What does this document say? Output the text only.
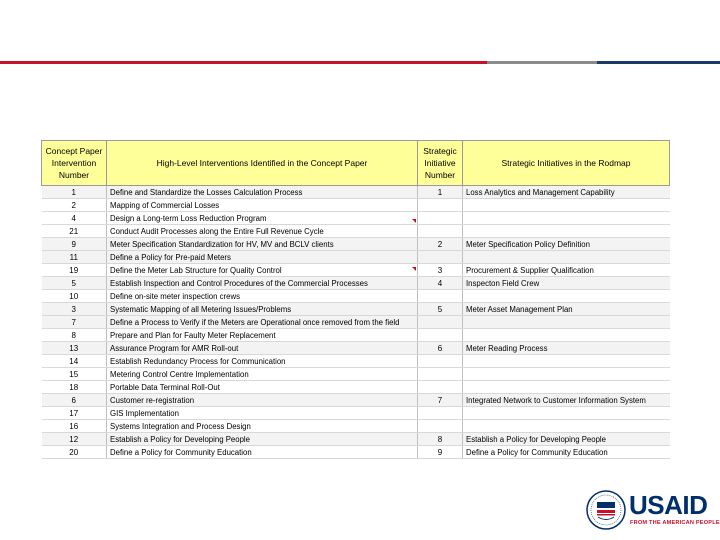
Concept Paper Intervention Number	High-Level Interventions Identified in the Concept Paper	Strategic Initiative Number	Strategic Initiatives in the Rodmap
1	Define and Standardize the Losses Calculation Process	1	Loss Analytics and Management Capability
2	Mapping of Commercial Losses		
4	Design a Long-term Loss Reduction Program		
21	Conduct Audit Processes along the Entire Full Revenue Cycle		
9	Meter Specification Standardization for HV, MV and BCLV clients	2	Meter Specification Policy Definition
11	Define a Policy for Pre-paid Meters		
19	Define the Meter Lab Structure for Quality Control	3	Procurement & Supplier Qualification
5	Establish Inspection and Control Procedures of the Commercial Processes	4	Inspecton Field Crew
10	Define on-site meter inspection crews		
3	Systematic Mapping of all Metering Issues/Problems	5	Meter Asset Management Plan
7	Define a Process to Verify if the Meters are Operational once removed from the field		
8	Prepare and Plan for Faulty Meter Replacement		
13	Assurance Program for AMR Roll-out	6	Meter Reading Process
14	Establish Redundancy Process for Communication		
15	Metering Control Centre Implementation		
18	Portable Data Terminal Roll-Out		
6	Customer re-registration	7	Integrated Network to Customer Information System
17	GIS Implementation		
16	Systems Integration and Process Design		
12	Establish a Policy for Developing People	8	Establish a Policy for Developing People
20	Define a Policy for Community Education	9	Define a Policy for Community Education
USAID
FROM THE AMERICAN PEOPLE
